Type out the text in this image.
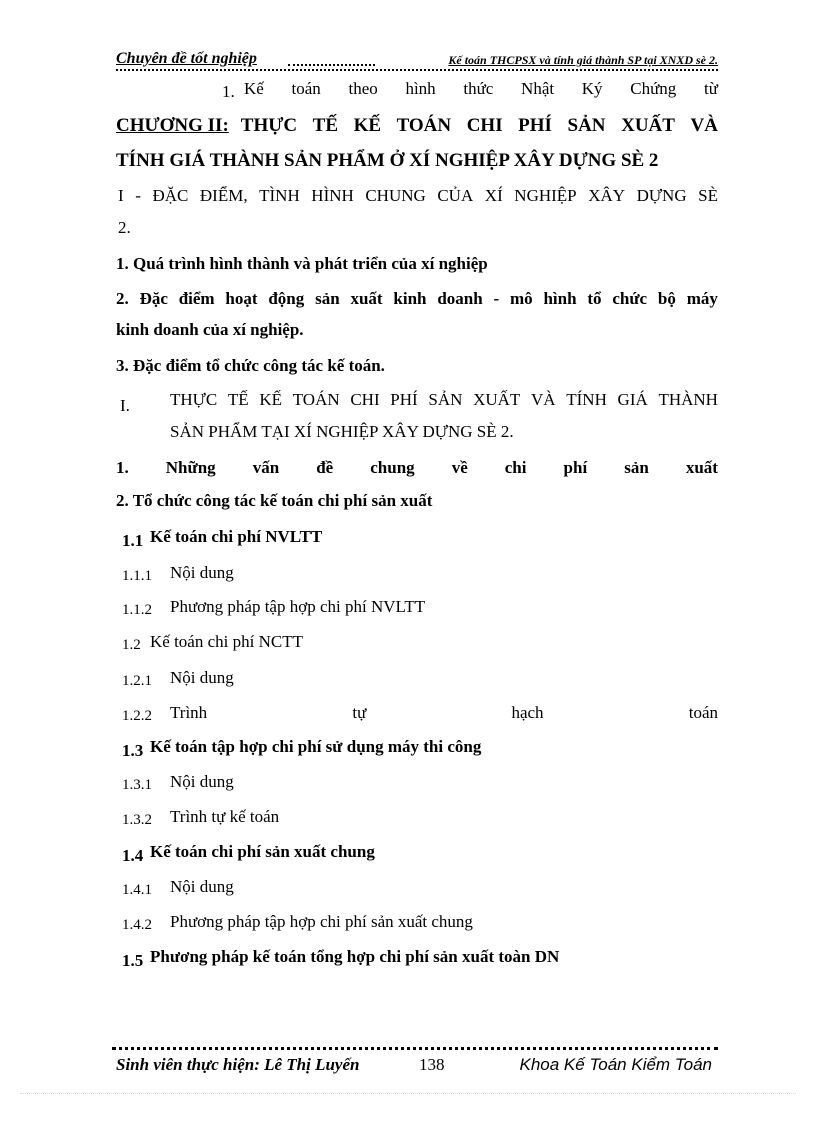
Chuyên đề tốt nghiệp	Kế toán THCPSX và tính giá thành SP tại XNXD sè 2.
1. Kế toán theo hình thức Nhật Ký Chứng từ
CHƯƠNG II: THỰC TẾ KẾ TOÁN CHI PHÍ SẢN XUẤT VÀ
TÍNH GIÁ THÀNH SẢN PHẨM Ở XÍ NGHIỆP XÂY DỰNG SÈ 2
I - ĐẶC ĐIỂM, TÌNH HÌNH CHUNG CỦA XÍ NGHIỆP XÂY DỰNG SÈ
2.
1. Quá trình hình thành và phát triển của xí nghiệp
2. Đặc điểm hoạt động sản xuất kinh doanh - mô hình tổ chức bộ máy
kinh doanh của xí nghiệp.
3. Đặc điểm tổ chức công tác kế toán.
I. THỰC TẾ KẾ TOÁN CHI PHÍ SẢN XUẤT VÀ TÍNH GIÁ THÀNH
SẢN PHẨM TẠI XÍ NGHIỆP XÂY DỰNG SÈ 2.
1. Những vấn đề chung về chi phí sản xuất
2. Tổ chức công tác kế toán chi phí sản xuất
1.1 Kế toán chi phí NVLTT
1.1.1 Nội dung
1.1.2 Phương pháp tập hợp chi phí NVLTT
1.2 Kế toán chi phí NCTT
1.2.1 Nội dung
1.2.2 Trình	tự	hạch	toán
1.3 Kế toán tập hợp chi phí sử dụng máy thi công
1.3.1 Nội dung
1.3.2 Trình tự kế toán
1.4 Kế toán chi phí sản xuất chung
1.4.1 Nội dung
1.4.2 Phương pháp tập hợp chi phí sản xuất chung
1.5 Phương pháp kế toán tổng hợp chi phí sản xuất toàn DN
Sinh viên thực hiện: Lê Thị Luyến	138	Khoa Kế Toán Kiểm Toán
